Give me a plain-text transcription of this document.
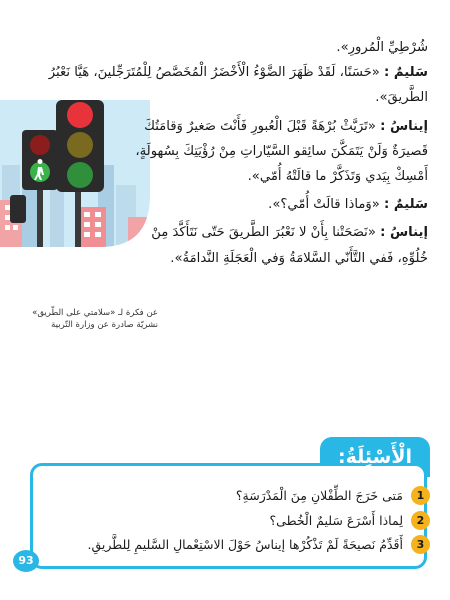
شُرْطِيِّ الْمُرورِ».
سَليمٌ : «حَسَنًا، لَقَدْ ظَهَرَ الضَّوْءُ الْأَخْضَرُ الْمُخَصَّصُ لِلْمُتَرَجِّلينَ، هَيَّا نَعْبُرُ
الطَّريقَ».
إيناسُ : «تَرَيَّثْ بُرْهَةً قَبْلَ الْعُبورِ فَأَنْتَ صَغيرٌ وَقامَتُكَ
قَصيرَةٌ وَلَنْ يَتَمَكَّنَ سائِقو السَّيّاراتِ مِنْ رُؤْيَتِكَ بِسُهولَةٍ،
أَمْسِكْ بِيَدي وَتَذَكَّرْ ما قالَتْهُ أُمّي».
سَليمٌ : «وَماذا قالَتْ أُمّي؟».
إيناسُ : «نَصَحَتْنا بِأَنْ لا نَعْبُرَ الطَّريقَ حَتّى نَتَأَكَّدَ مِنْ
خُلُوِّهِ، فَفي التَّأَنّي السَّلامَةُ وَفي الْعَجَلَةِ النَّدامَةُ».
عن فكرة لـ «سلامتي على الطّريق»
نشريّة صادرة عن وزارة التّربية
الْأَسْئِلَةُ:
1
مَتى خَرَجَ الطِّفْلانِ مِنَ الْمَدْرَسَةِ؟
2
لِماذا أَسْرَعَ سَليمٌ الْخُطى؟
3
أَقَدِّمُ نَصيحَةً لَمْ تَذْكُرْها إيناسُ حَوْلَ الاسْتِعْمالِ السَّليمِ لِلطَّريقِ.
93
